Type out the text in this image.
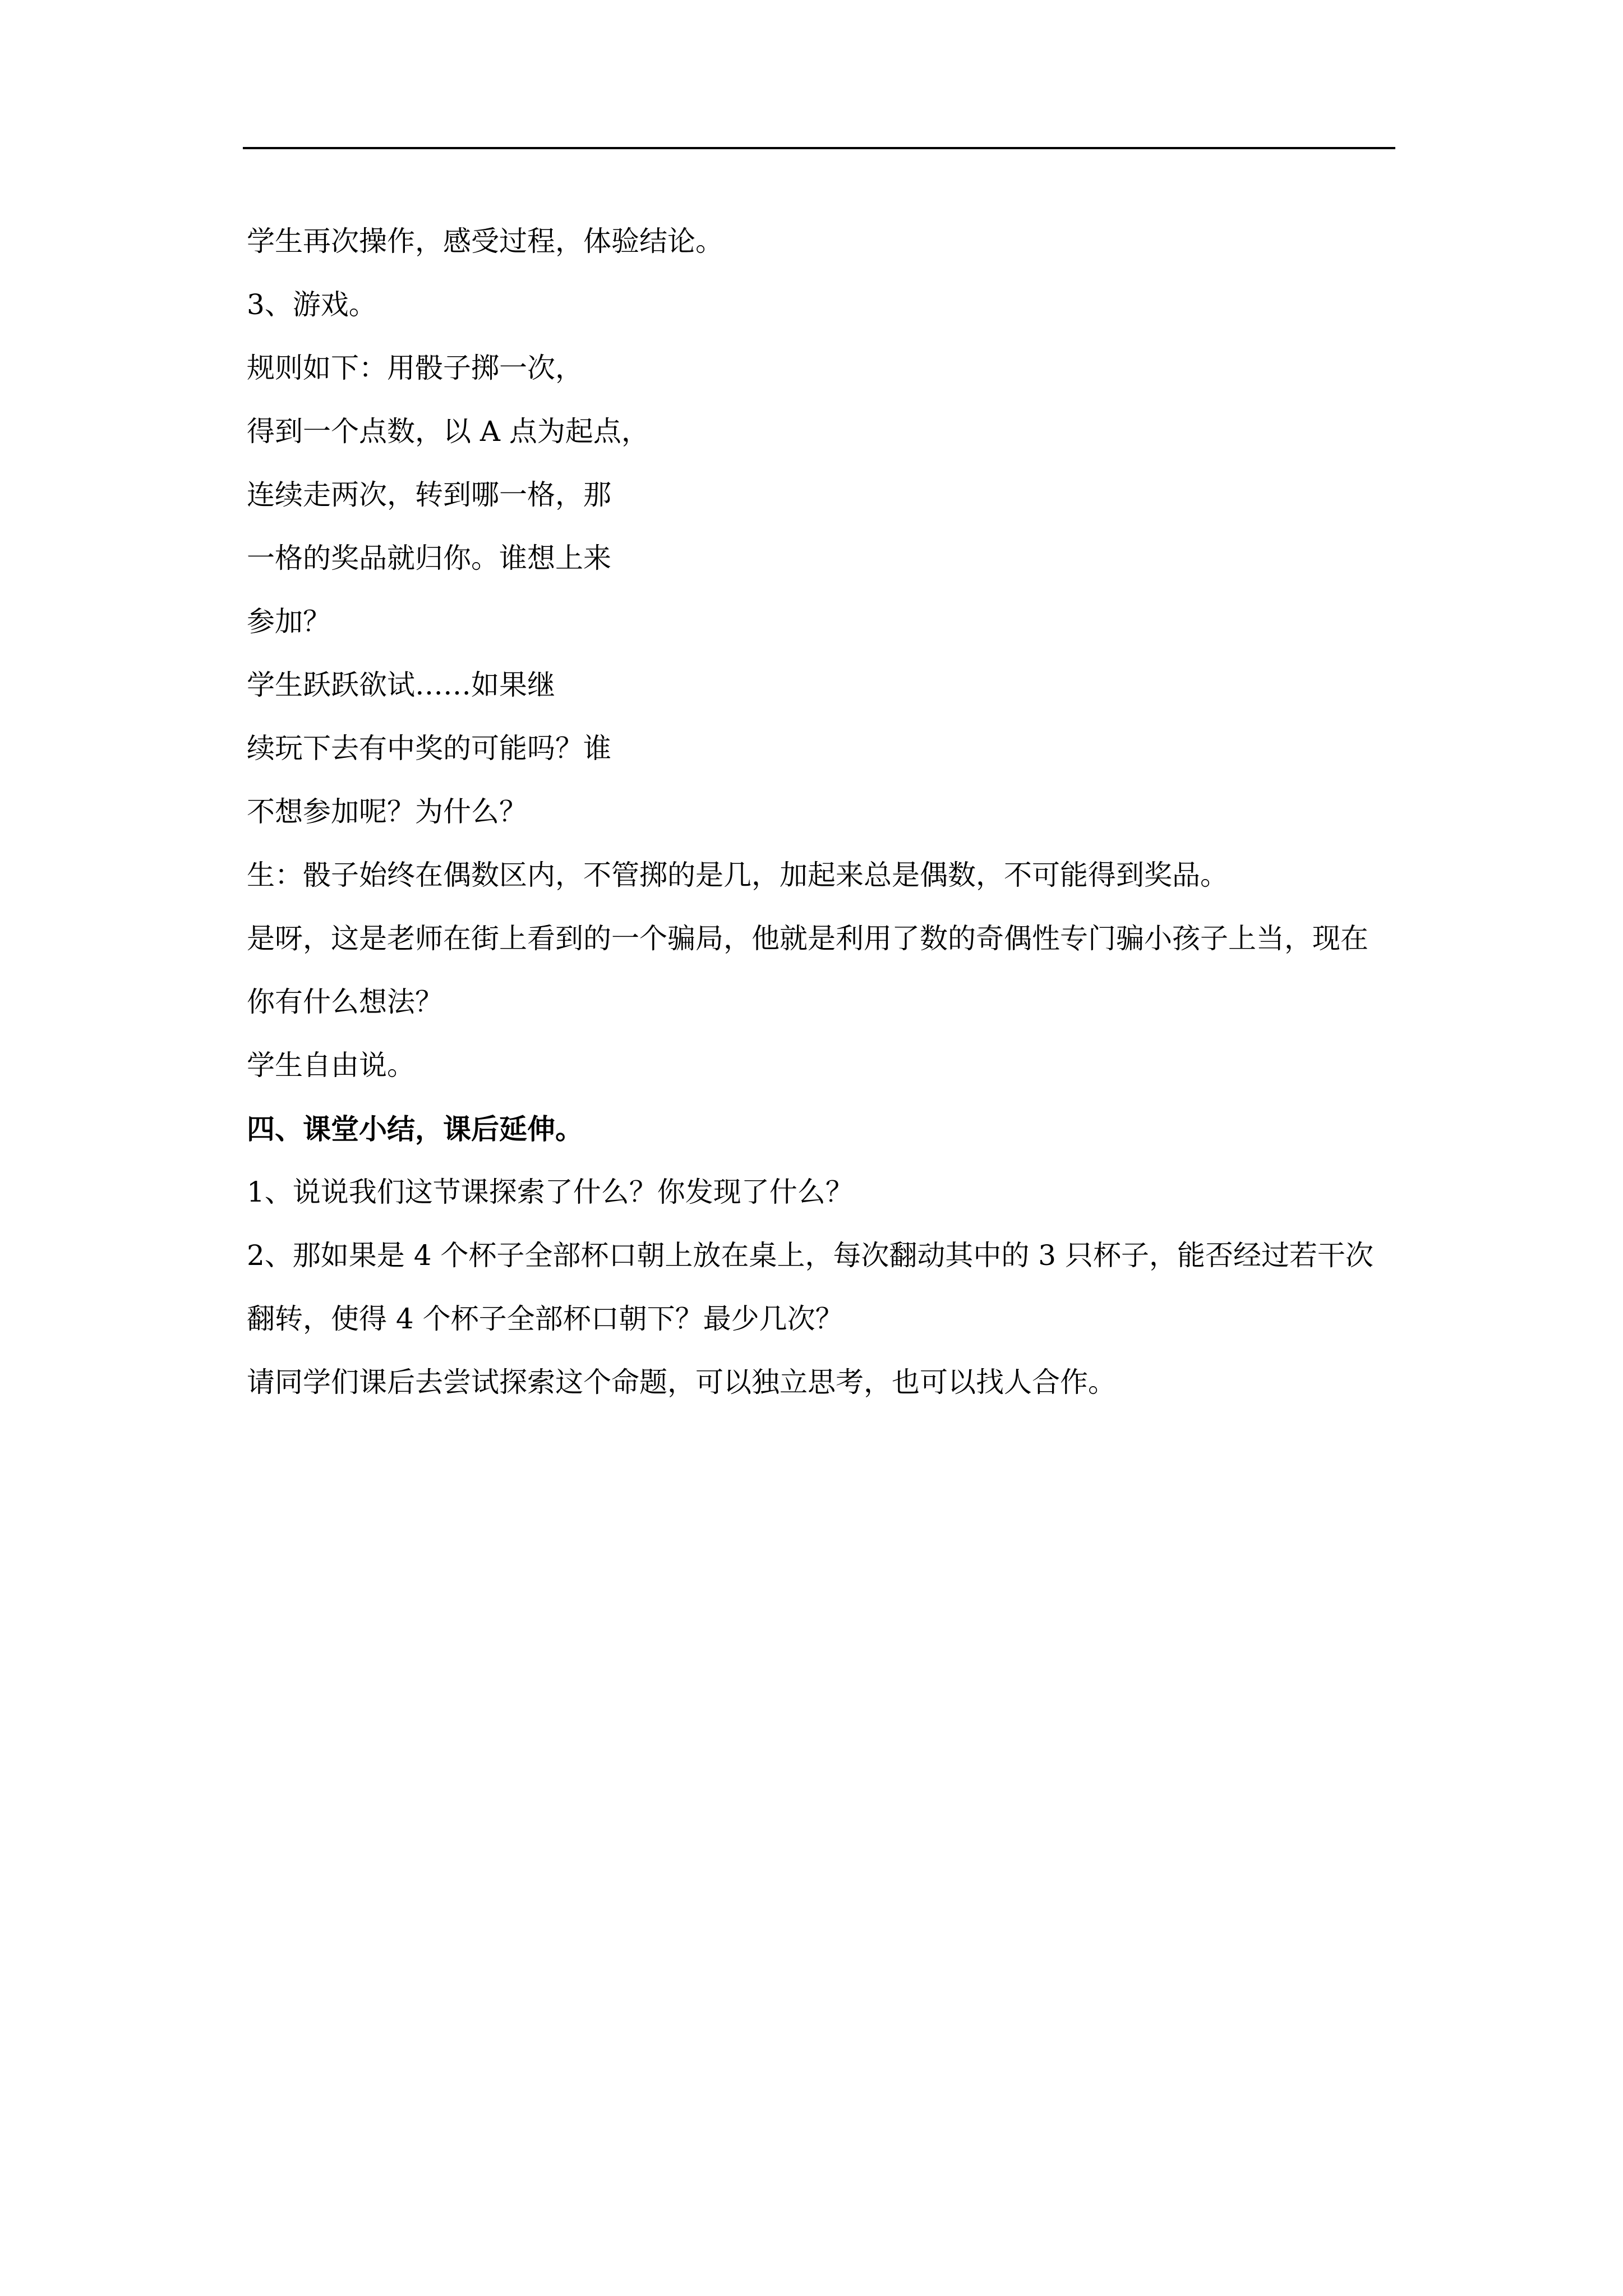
学生再次操作，感受过程，体验结论。
3、游戏。
规则如下：用骰子掷一次，
得到一个点数，以 A 点为起点，
连续走两次，转到哪一格，那
一格的奖品就归你。谁想上来
参加？
学生跃跃欲试……如果继
续玩下去有中奖的可能吗？谁
不想参加呢？为什么？
生：骰子始终在偶数区内，不管掷的是几，加起来总是偶数，不可能得到奖品。
是呀，这是老师在街上看到的一个骗局，他就是利用了数的奇偶性专门骗小孩子上当，现在
你有什么想法？
学生自由说。
四、课堂小结，课后延伸。
1、说说我们这节课探索了什么？你发现了什么？
2、那如果是 4 个杯子全部杯口朝上放在桌上，每次翻动其中的 3 只杯子，能否经过若干次
翻转，使得 4 个杯子全部杯口朝下？最少几次？
请同学们课后去尝试探索这个命题，可以独立思考，也可以找人合作。
